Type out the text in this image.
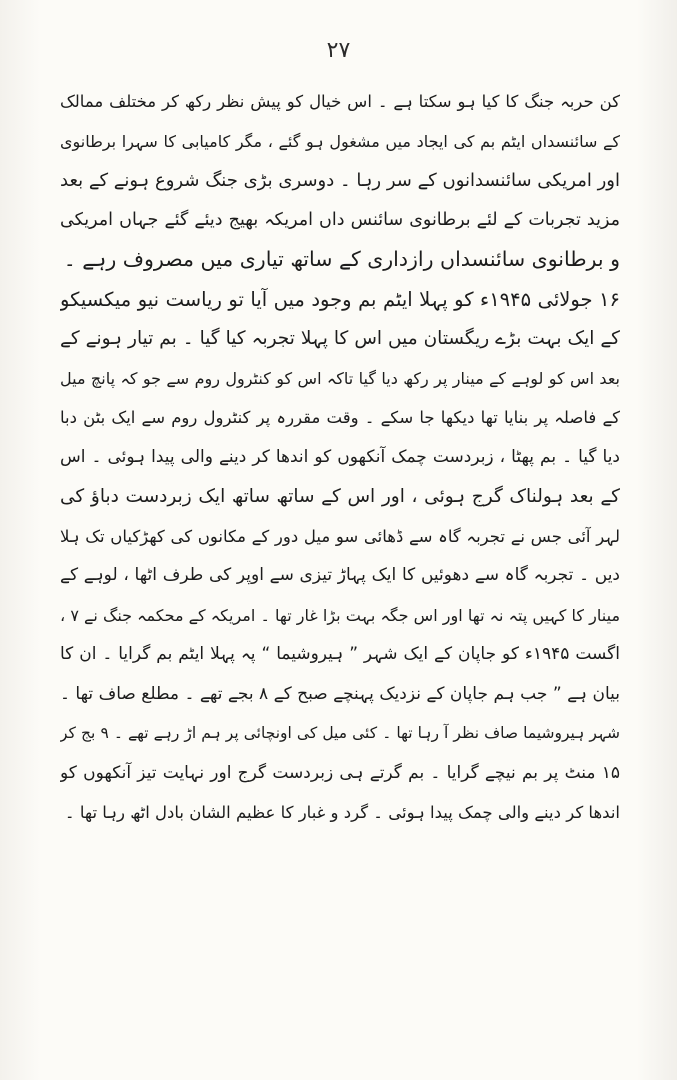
۲۷
کن حربہ جنگ کا کیا ہو سکتا ہے ۔ اس خیال کو پیش نظر رکھ کر مختلف ممالک
کے سائنسداں ایٹم بم کی ایجاد میں مشغول ہو گئے ، مگر کامیابی کا سہرا برطانوی
اور امریکی سائنسدانوں کے سر رہا ۔ دوسری بڑی جنگ شروع ہونے کے بعد
مزید تجربات کے لئے برطانوی سائنس داں امریکہ بھیج دیئے گئے جہاں امریکی
و برطانوی سائنسداں رازداری کے ساتھ تیاری میں مصروف رہے ۔
۱۶ جولائی ۱۹۴۵ء کو پہلا ایٹم بم وجود میں آیا تو ریاست نیو میکسیکو
کے ایک بہت بڑے ریگستان میں اس کا پہلا تجربہ کیا گیا ۔ بم تیار ہونے کے
بعد اس کو لوہے کے مینار پر رکھ دیا گیا تاکہ اس کو کنٹرول روم سے جو کہ پانچ میل
کے فاصلہ پر بنایا تھا دیکھا جا سکے ۔ وقت مقررہ پر کنٹرول روم سے ایک بٹن دبا
دیا گیا ۔ بم پھٹا ، زبردست چمک آنکھوں کو اندھا کر دینے والی پیدا ہوئی ۔ اس
کے بعد ہولناک گرج ہوئی ، اور اس کے ساتھ ساتھ ایک زبردست دباؤ کی
لہر آئی جس نے تجربہ گاہ سے ڈھائی سو میل دور کے مکانوں کی کھڑکیاں تک ہلا
دیں ۔ تجربہ گاہ سے دھوئیں کا ایک پہاڑ تیزی سے اوپر کی طرف اٹھا ، لوہے کے
مینار کا کہیں پتہ نہ تھا اور اس جگہ بہت بڑا غار تھا ۔ امریکہ کے محکمہ جنگ نے ۷ ،
اگست ۱۹۴۵ء کو جاپان کے ایک شہر ” ہیروشیما “ پہ پہلا ایٹم بم گرایا ۔ ان کا
بیان ہے ” جب ہم جاپان کے نزدیک پہنچے صبح کے ۸ بجے تھے ۔ مطلع صاف تھا ۔
شہر ہیروشیما صاف نظر آ رہا تھا ۔ کئی میل کی اونچائی پر ہم اڑ رہے تھے ۔ ۹ بج کر
۱۵ منٹ پر بم نیچے گرایا ۔ بم گرتے ہی زبردست گرج اور نہایت تیز آنکھوں کو
اندھا کر دینے والی چمک پیدا ہوئی ۔ گرد و غبار کا عظیم الشان بادل اٹھ رہا تھا ۔
